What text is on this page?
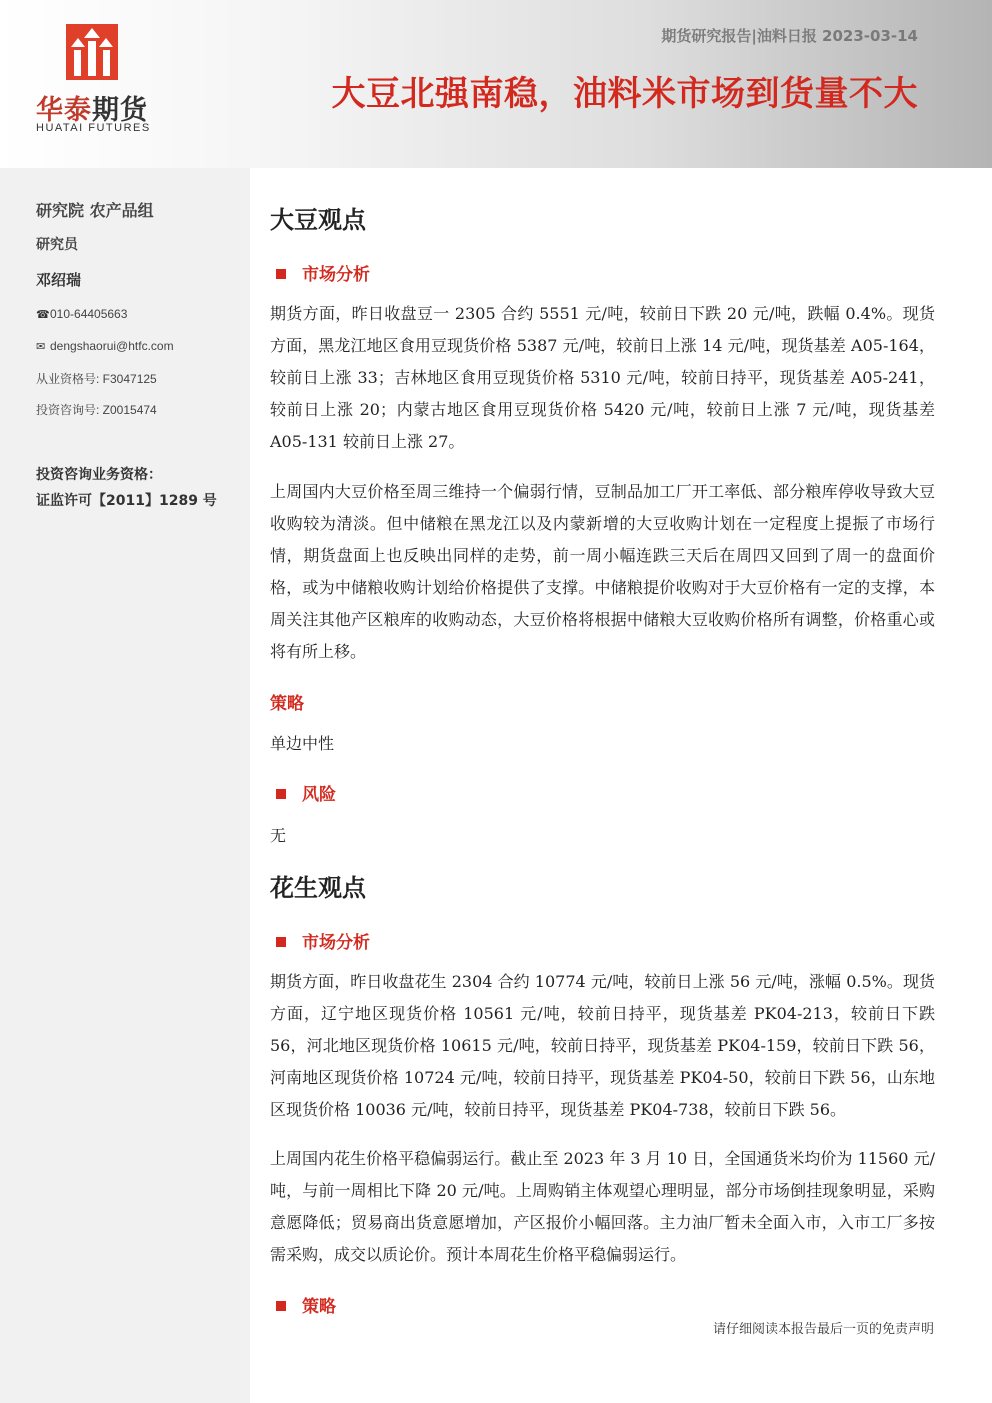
华泰期货
HUATAI FUTURES
期货研究报告|油料日报 2023-03-14
大豆北强南稳，油料米市场到货量不大
研究院 农产品组
研究员
邓绍瑞
☎010-64405663
✉ dengshaorui@htfc.com
从业资格号: F3047125
投资咨询号: Z0015474
投资咨询业务资格：
证监许可【2011】1289 号
大豆观点
市场分析
期货方面，昨日收盘豆一 2305 合约 5551 元/吨，较前日下跌 20 元/吨，跌幅 0.4%。现货方面，黑龙江地区食用豆现货价格 5387 元/吨，较前日上涨 14 元/吨，现货基差 A05-164，较前日上涨 33；吉林地区食用豆现货价格 5310 元/吨，较前日持平，现货基差 A05-241，较前日上涨 20；内蒙古地区食用豆现货价格 5420 元/吨，较前日上涨 7 元/吨，现货基差 A05-131 较前日上涨 27。
上周国内大豆价格至周三维持一个偏弱行情，豆制品加工厂开工率低、部分粮库停收导致大豆收购较为清淡。但中储粮在黑龙江以及内蒙新增的大豆收购计划在一定程度上提振了市场行情，期货盘面上也反映出同样的走势，前一周小幅连跌三天后在周四又回到了周一的盘面价格，或为中储粮收购计划给价格提供了支撑。中储粮提价收购对于大豆价格有一定的支撑，本周关注其他产区粮库的收购动态，大豆价格将根据中储粮大豆收购价格所有调整，价格重心或将有所上移。
策略
单边中性
风险
无
花生观点
市场分析
期货方面，昨日收盘花生 2304 合约 10774 元/吨，较前日上涨 56 元/吨，涨幅 0.5%。现货方面，辽宁地区现货价格 10561 元/吨，较前日持平，现货基差 PK04-213，较前日下跌 56，河北地区现货价格 10615 元/吨，较前日持平，现货基差 PK04-159，较前日下跌 56，河南地区现货价格 10724 元/吨，较前日持平，现货基差 PK04-50，较前日下跌 56，山东地区现货价格 10036 元/吨，较前日持平，现货基差 PK04-738，较前日下跌 56。
上周国内花生价格平稳偏弱运行。截止至 2023 年 3 月 10 日，全国通货米均价为 11560 元/吨，与前一周相比下降 20 元/吨。上周购销主体观望心理明显，部分市场倒挂现象明显，采购意愿降低；贸易商出货意愿增加，产区报价小幅回落。主力油厂暂未全面入市，入市工厂多按需采购，成交以质论价。预计本周花生价格平稳偏弱运行。
策略
请仔细阅读本报告最后一页的免责声明
